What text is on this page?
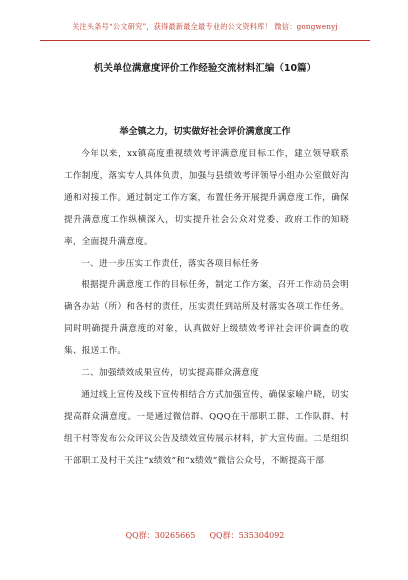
关注头条号“公文研究”，获得最新最全最专业的公文资料库！ 微信：gongwenyj
机关单位满意度评价工作经验交流材料汇编（10篇）
举全镇之力，切实做好社会评价满意度工作

今年以来，xx镇高度重视绩效考评满意度目标工作，建立领导联系工作制度，落实专人具体负责，加强与县绩效考评领导小组办公室做好沟通和对接工作。通过制定工作方案，布置任务开展提升满意度工作，确保提升满意度工作纵横深入，切实提升社会公众对党委、政府工作的知晓率，全面提升满意度。

一、进一步压实工作责任，落实各项目标任务

根据提升满意度工作的目标任务，制定工作方案，召开工作动员会明确各办站（所）和各村的责任，压实责任到站所及村落实各项工作任务。同时明确提升满意度的对象，认真做好上级绩效考评社会评价调查的收集、报送工作。

二、加强绩效成果宣传，切实提高群众满意度

通过线上宣传及线下宣传相结合方式加强宣传，确保家喻户晓，切实提高群众满意度。一是通过微信群、QQQ在干部职工群、工作队群、村组干村等发布公众评议公告及绩效宣传展示材料，扩大宣传面。二是组织干部职工及村干关注“x绩效”和“x绩效”微信公众号，不断提高干部

QQ群：30265665 QQ群：535304092
